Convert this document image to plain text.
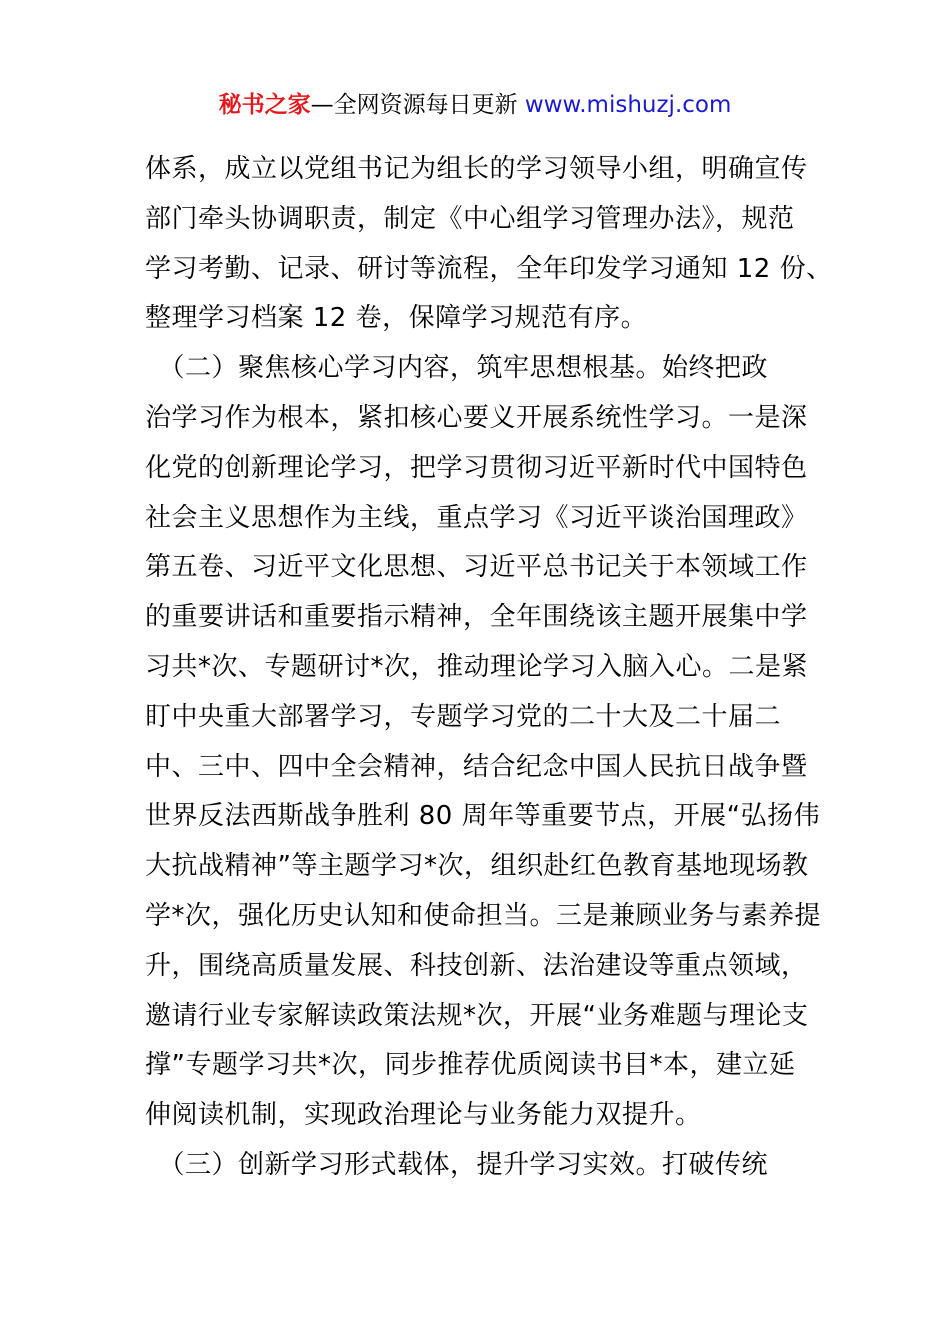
秘书之家—全网资源每日更新 www.mishuzj.com
体系，成立以党组书记为组长的学习领导小组，明确宣传
部门牵头协调职责，制定《中心组学习管理办法》，规范
学习考勤、记录、研讨等流程，全年印发学习通知 12 份、
整理学习档案 12 卷，保障学习规范有序。
　（二）聚焦核心学习内容，筑牢思想根基。始终把政
治学习作为根本，紧扣核心要义开展系统性学习。一是深
化党的创新理论学习，把学习贯彻习近平新时代中国特色
社会主义思想作为主线，重点学习《习近平谈治国理政》
第五卷、习近平文化思想、习近平总书记关于本领域工作
的重要讲话和重要指示精神，全年围绕该主题开展集中学
习共*次、专题研讨*次，推动理论学习入脑入心。二是紧
盯中央重大部署学习，专题学习党的二十大及二十届二
中、三中、四中全会精神，结合纪念中国人民抗日战争暨
世界反法西斯战争胜利 80 周年等重要节点，开展“弘扬伟
大抗战精神”等主题学习*次，组织赴红色教育基地现场教
学*次，强化历史认知和使命担当。三是兼顾业务与素养提
升，围绕高质量发展、科技创新、法治建设等重点领域，
邀请行业专家解读政策法规*次，开展“业务难题与理论支
撑”专题学习共*次，同步推荐优质阅读书目*本，建立延
伸阅读机制，实现政治理论与业务能力双提升。
　（三）创新学习形式载体，提升学习实效。打破传统
